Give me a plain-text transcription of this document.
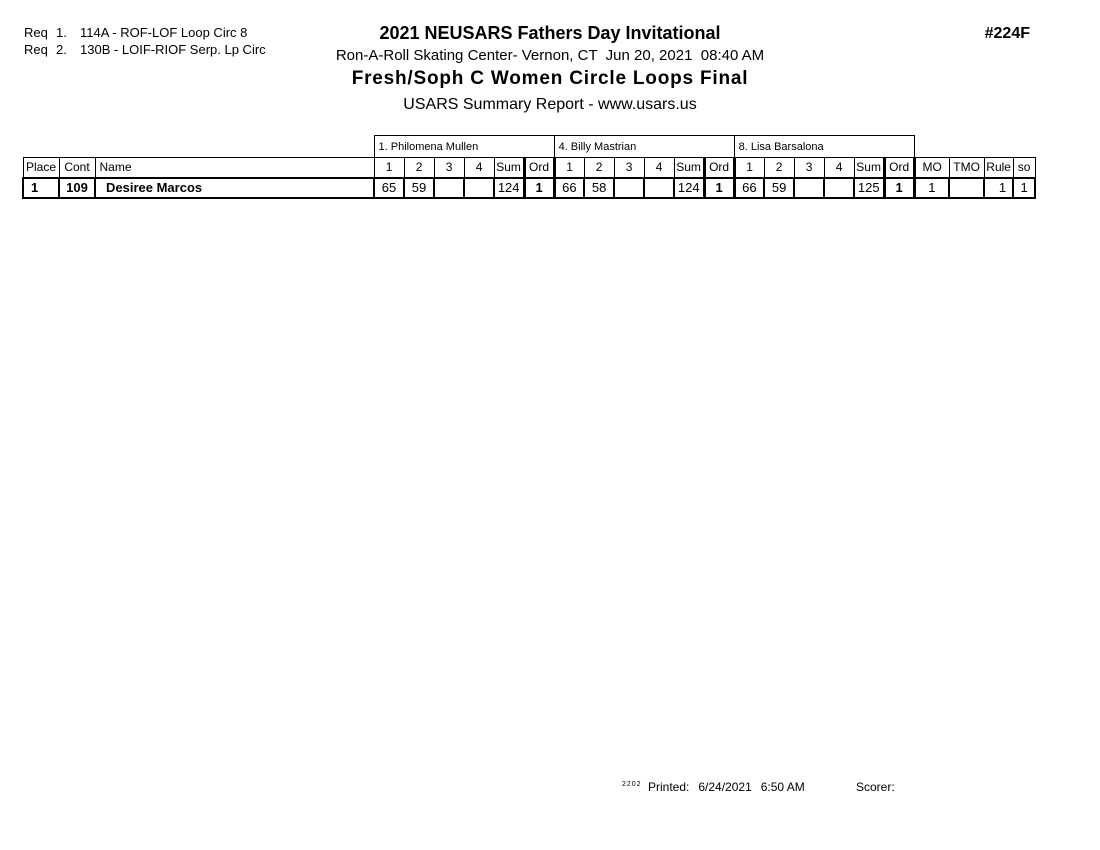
Req 1. 114A - ROF-LOF Loop Circ 8
Req 2. 130B - LOIF-RIOF Serp. Lp Circ
2021 NEUSARS Fathers Day Invitational
Ron-A-Roll Skating Center- Vernon, CT  Jun 20, 2021  08:40 AM
Fresh/Soph C Women Circle Loops Final
USARS Summary Report - www.usars.us
#224F
			1. Philomena Mullen						4. Billy Mastrian						8. Lisa Barsalona									
Place	Cont	Name	1	2	3	4	Sum	Ord	1	2	3	4	Sum	Ord	1	2	3	4	Sum	Ord	MO	TMO	Rule	so
1	109	Desiree Marcos	65	59			124	1	66	58			124	1	66	59			125	1	1		1	1
2202 Printed: 6/24/2021 6:50 AM	Scorer:
